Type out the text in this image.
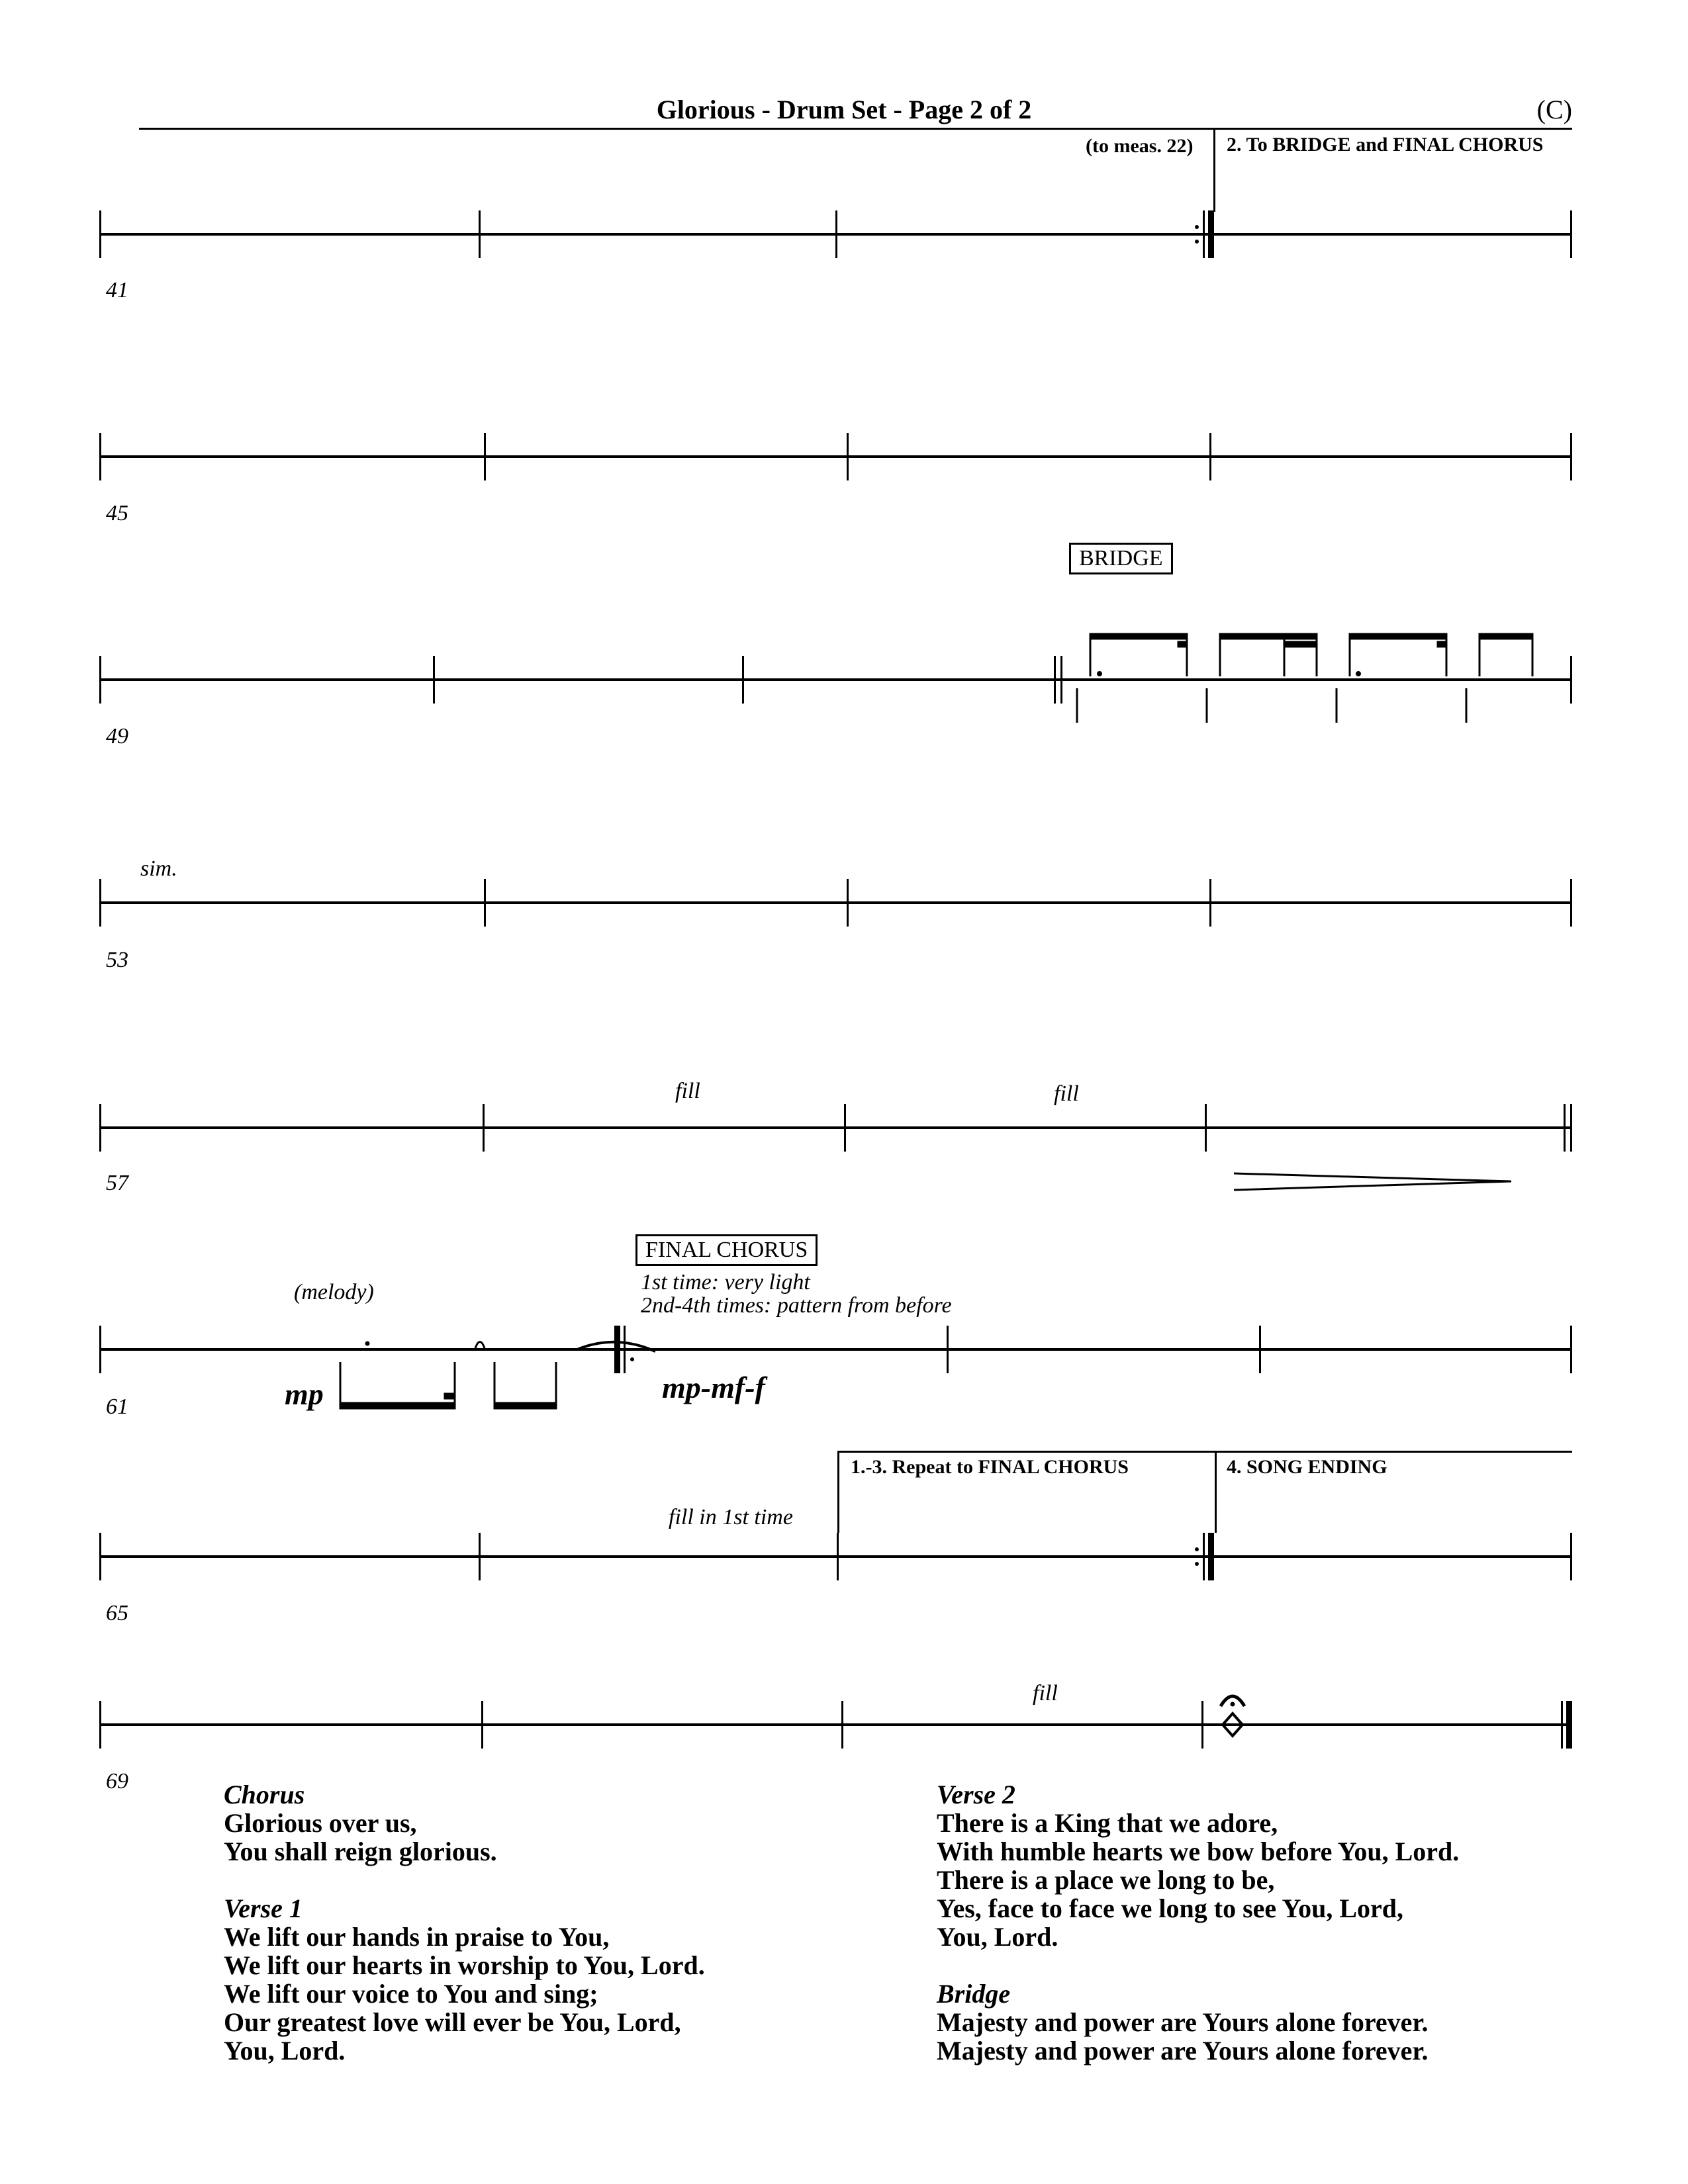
Glorious - Drum Set - Page 2 of 2	(C)
(to meas. 22) 2. To BRIDGE and FINAL CHORUS
41
45
BRIDGE
49
sim.
53
fill	fill
57
FINAL CHORUS
(melody)	1st time: very light
2nd-4th times: pattern from before
mp	mp-mf-f
61
1.-3. Repeat to FINAL CHORUS	4. SONG ENDING
fill in 1st time
65
fill
69	Chorus
Glorious over us,
You shall reign glorious.
Verse 1
We lift our hands in praise to You,
We lift our hearts in worship to You, Lord.
We lift our voice to You and sing;
Our greatest love will ever be You, Lord,
You, Lord.
Verse 2
There is a King that we adore,
With humble hearts we bow before You, Lord.
There is a place we long to be,
Yes, face to face we long to see You, Lord,
You, Lord.
Bridge
Majesty and power are Yours alone forever.
Majesty and power are Yours alone forever.
